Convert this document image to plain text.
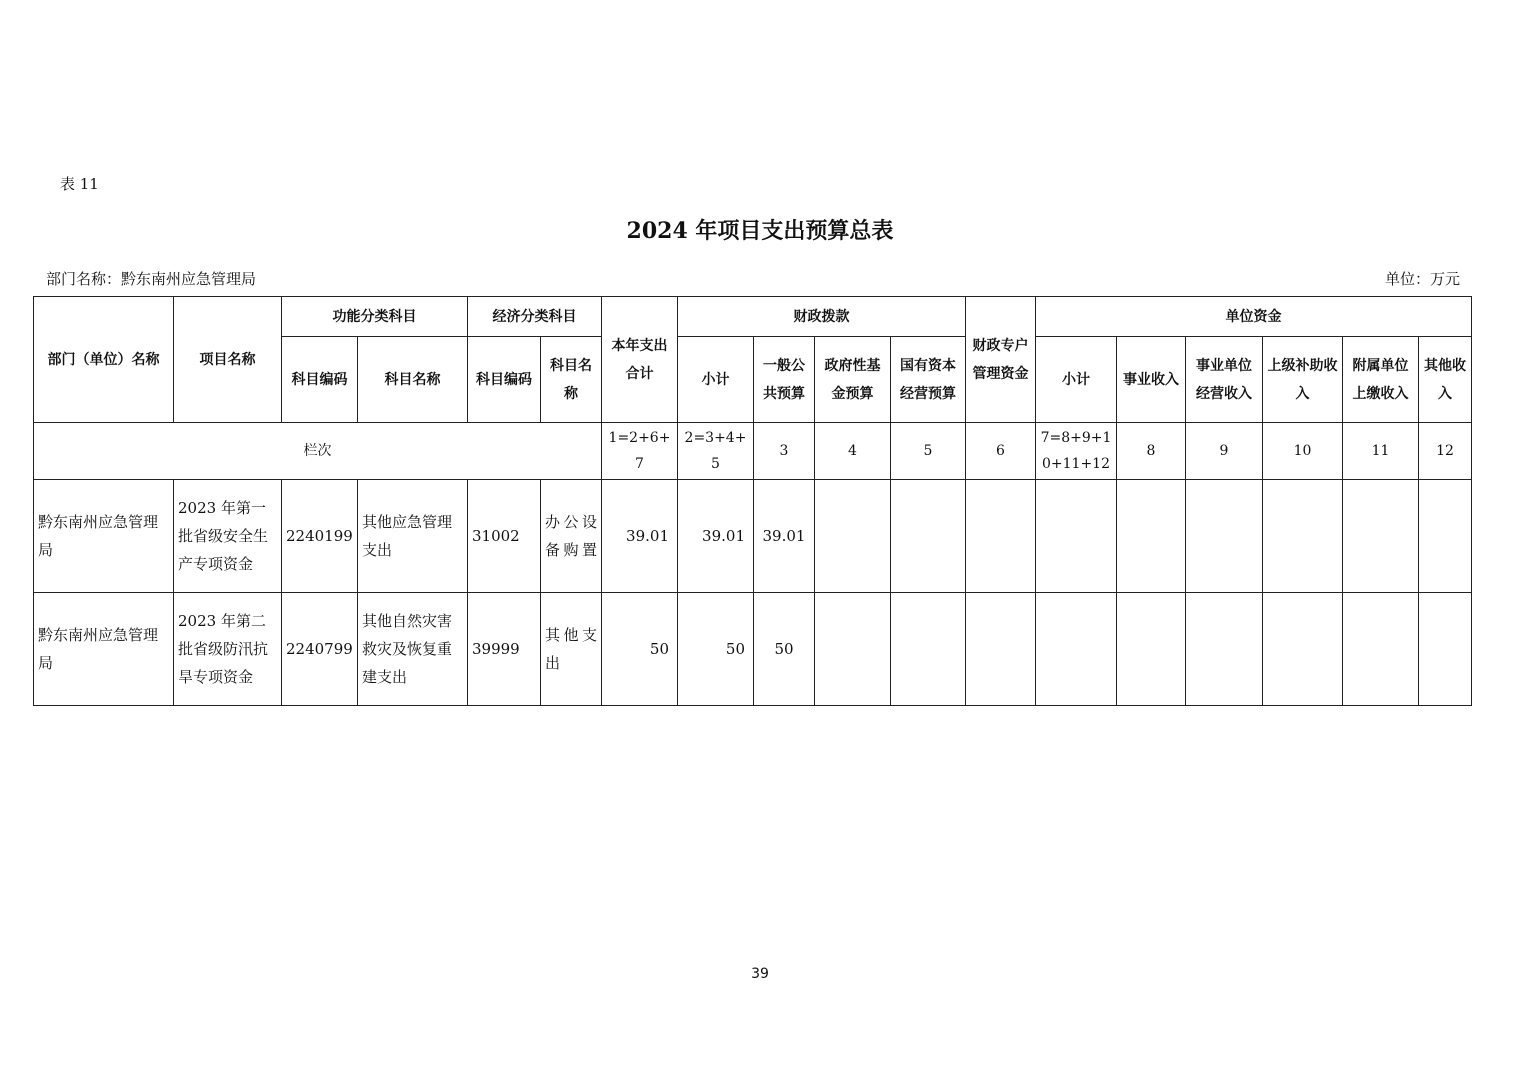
表 11
2024 年项目支出预算总表
部门名称：黔东南州应急管理局	单位：万元
部门（单位）名称	项目名称	功能分类科目		经济分类科目		本年支出合计	财政拨款				财政专户管理资金	单位资金					
		科目编码	科目名称	科目编码	科目名称		小计	一般公共预算	政府性基金预算	国有资本经营预算		小计	事业收入	事业单位经营收入	上级补助收入	附属单位上缴收入	其他收入
栏次						1=2+6+7	2=3+4+5	3	4	5	6	7=8+9+10+11+12	8	9	10	11	12
黔东南州应急管理局	2023 年第一批省级安全生产专项资金	2240199	其他应急管理支出	31002	办公设备购置	39.01	39.01	39.01									
黔东南州应急管理局	2023 年第二批省级防汛抗旱专项资金	2240799	其他自然灾害救灾及恢复重建支出	39999	其他支出	50	50	50									
39
